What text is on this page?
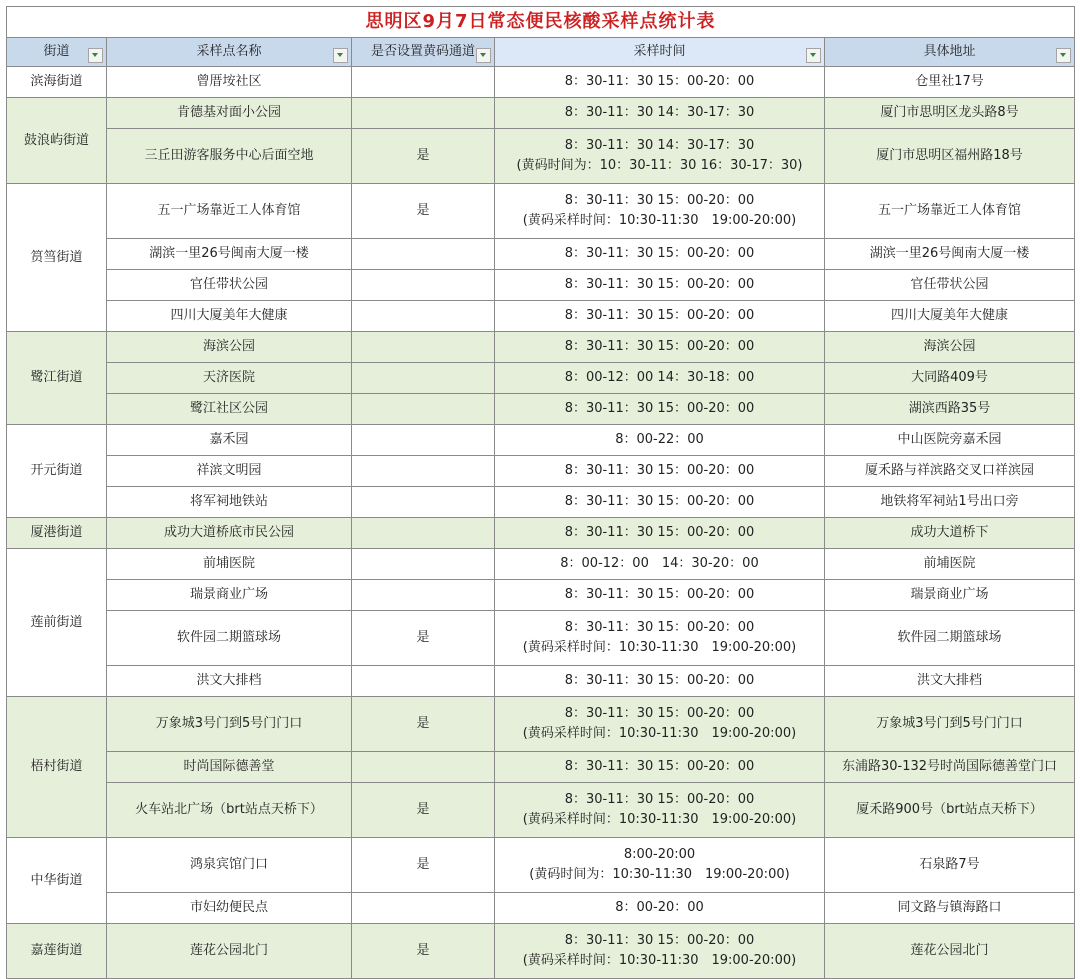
思明区9月7日常态便民核酸采样点统计表				
街道	采样点名称	是否设置黄码通道	采样时间	具体地址

滨海街道	曾厝垵社区		8：30-11：30 15：00-20：00	仓里社17号
鼓浪屿街道	肯德基对面小公园		8：30-11：30 14：30-17：30	厦门市思明区龙头路8号
	三丘田游客服务中心后面空地	是	8：30-11：30 14：30-17：30
(黄码时间为：10：30-11：30 16：30-17：30)	厦门市思明区福州路18号
筼筜街道	五一广场靠近工人体育馆	是	8：30-11：30 15：00-20：00
(黄码采样时间：10:30-11:30　19:00-20:00)	五一广场靠近工人体育馆
	湖滨一里26号闽南大厦一楼		8：30-11：30 15：00-20：00	湖滨一里26号闽南大厦一楼
	官任带状公园		8：30-11：30 15：00-20：00	官任带状公园
	四川大厦美年大健康		8：30-11：30 15：00-20：00	四川大厦美年大健康
鹭江街道	海滨公园		8：30-11：30 15：00-20：00	海滨公园
	天济医院		8：00-12：00 14：30-18：00	大同路409号
	鹭江社区公园		8：30-11：30 15：00-20：00	湖滨西路35号
开元街道	嘉禾园		8：00-22：00	中山医院旁嘉禾园
	祥滨文明园		8：30-11：30 15：00-20：00	厦禾路与祥滨路交叉口祥滨园
	将军祠地铁站		8：30-11：30 15：00-20：00	地铁将军祠站1号出口旁
厦港街道	成功大道桥底市民公园		8：30-11：30 15：00-20：00	成功大道桥下
莲前街道	前埔医院		8：00-12：00　14：30-20：00	前埔医院
	瑞景商业广场		8：30-11：30 15：00-20：00	瑞景商业广场
	软件园二期篮球场	是	8：30-11：30 15：00-20：00
(黄码采样时间：10:30-11:30　19:00-20:00)	软件园二期篮球场
	洪文大排档		8：30-11：30 15：00-20：00	洪文大排档
梧村街道	万象城3号门到5号门门口	是	8：30-11：30 15：00-20：00
(黄码采样时间：10:30-11:30　19:00-20:00)	万象城3号门到5号门门口
	时尚国际德善堂		8：30-11：30 15：00-20：00	东浦路30-132号时尚国际德善堂门口
	火车站北广场（brt站点天桥下）	是	8：30-11：30 15：00-20：00
(黄码采样时间：10:30-11:30　19:00-20:00)	厦禾路900号（brt站点天桥下）
中华街道	鸿泉宾馆门口	是	8:00-20:00
(黄码时间为：10:30-11:30　19:00-20:00)	石泉路7号
	市妇幼便民点		8：00-20：00	同文路与镇海路口
嘉莲街道	莲花公园北门	是	8：30-11：30 15：00-20：00
(黄码采样时间：10:30-11:30　19:00-20:00)	莲花公园北门
